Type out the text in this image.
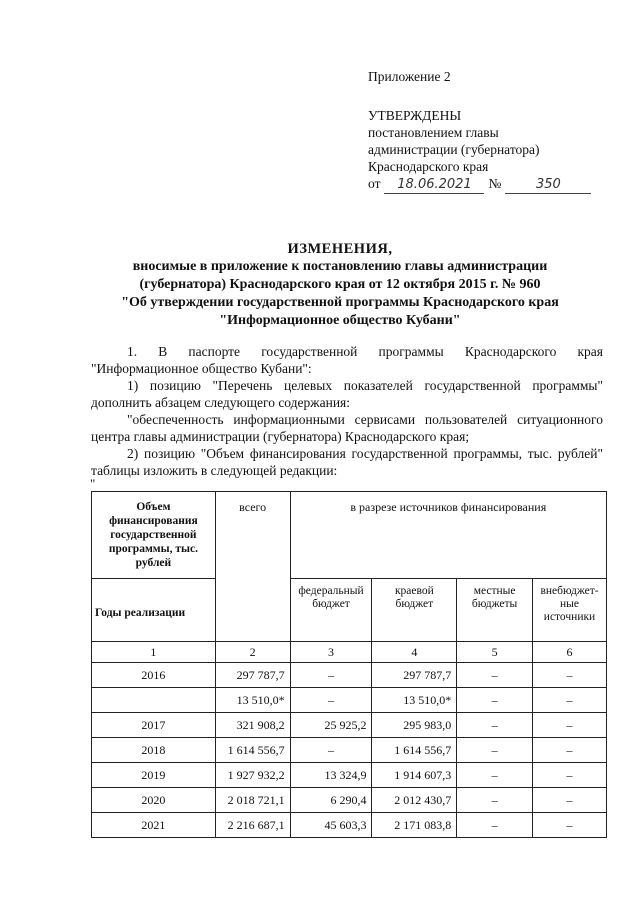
Приложение 2
УТВЕРЖДЕНЫ
постановлением главы
администрации (губернатора)
Краснодарского края
от	18.06.2021	№	350
ИЗМЕНЕНИЯ,
вносимые в приложение к постановлению главы администрации
(губернатора) Краснодарского края от 12 октября 2015 г. № 960
"Об утверждении государственной программы Краснодарского края
"Информационное общество Кубани"

1. В паспорте государственной программы Краснодарского края "Информационное общество Кубани":

1) позицию "Перечень целевых показателей государственной программы" дополнить абзацем следующего содержания:

"обеспеченность информационными сервисами пользователей ситуационного центра главы администрации (губернатора) Краснодарского края;

2) позицию "Объем финансирования государственной программы, тыс. рублей" таблицы изложить в следующей редакции:

"
Объем финансирования государственной программы, тыс. рублей	всего	в разрезе источников финансирования			
Годы реализации		федеральный бюджет	краевой бюджет	местные бюджеты	внебюджет-ные источники
1	2	3	4	5	6
2016	297 787,7	–	297 787,7	–	–
	13 510,0*	–	13 510,0*	–	–
2017	321 908,2	25 925,2	295 983,0	–	–
2018	1 614 556,7	–	1 614 556,7	–	–
2019	1 927 932,2	13 324,9	1 914 607,3	–	–
2020	2 018 721,1	6 290,4	2 012 430,7	–	–
2021	2 216 687,1	45 603,3	2 171 083,8	–	–
